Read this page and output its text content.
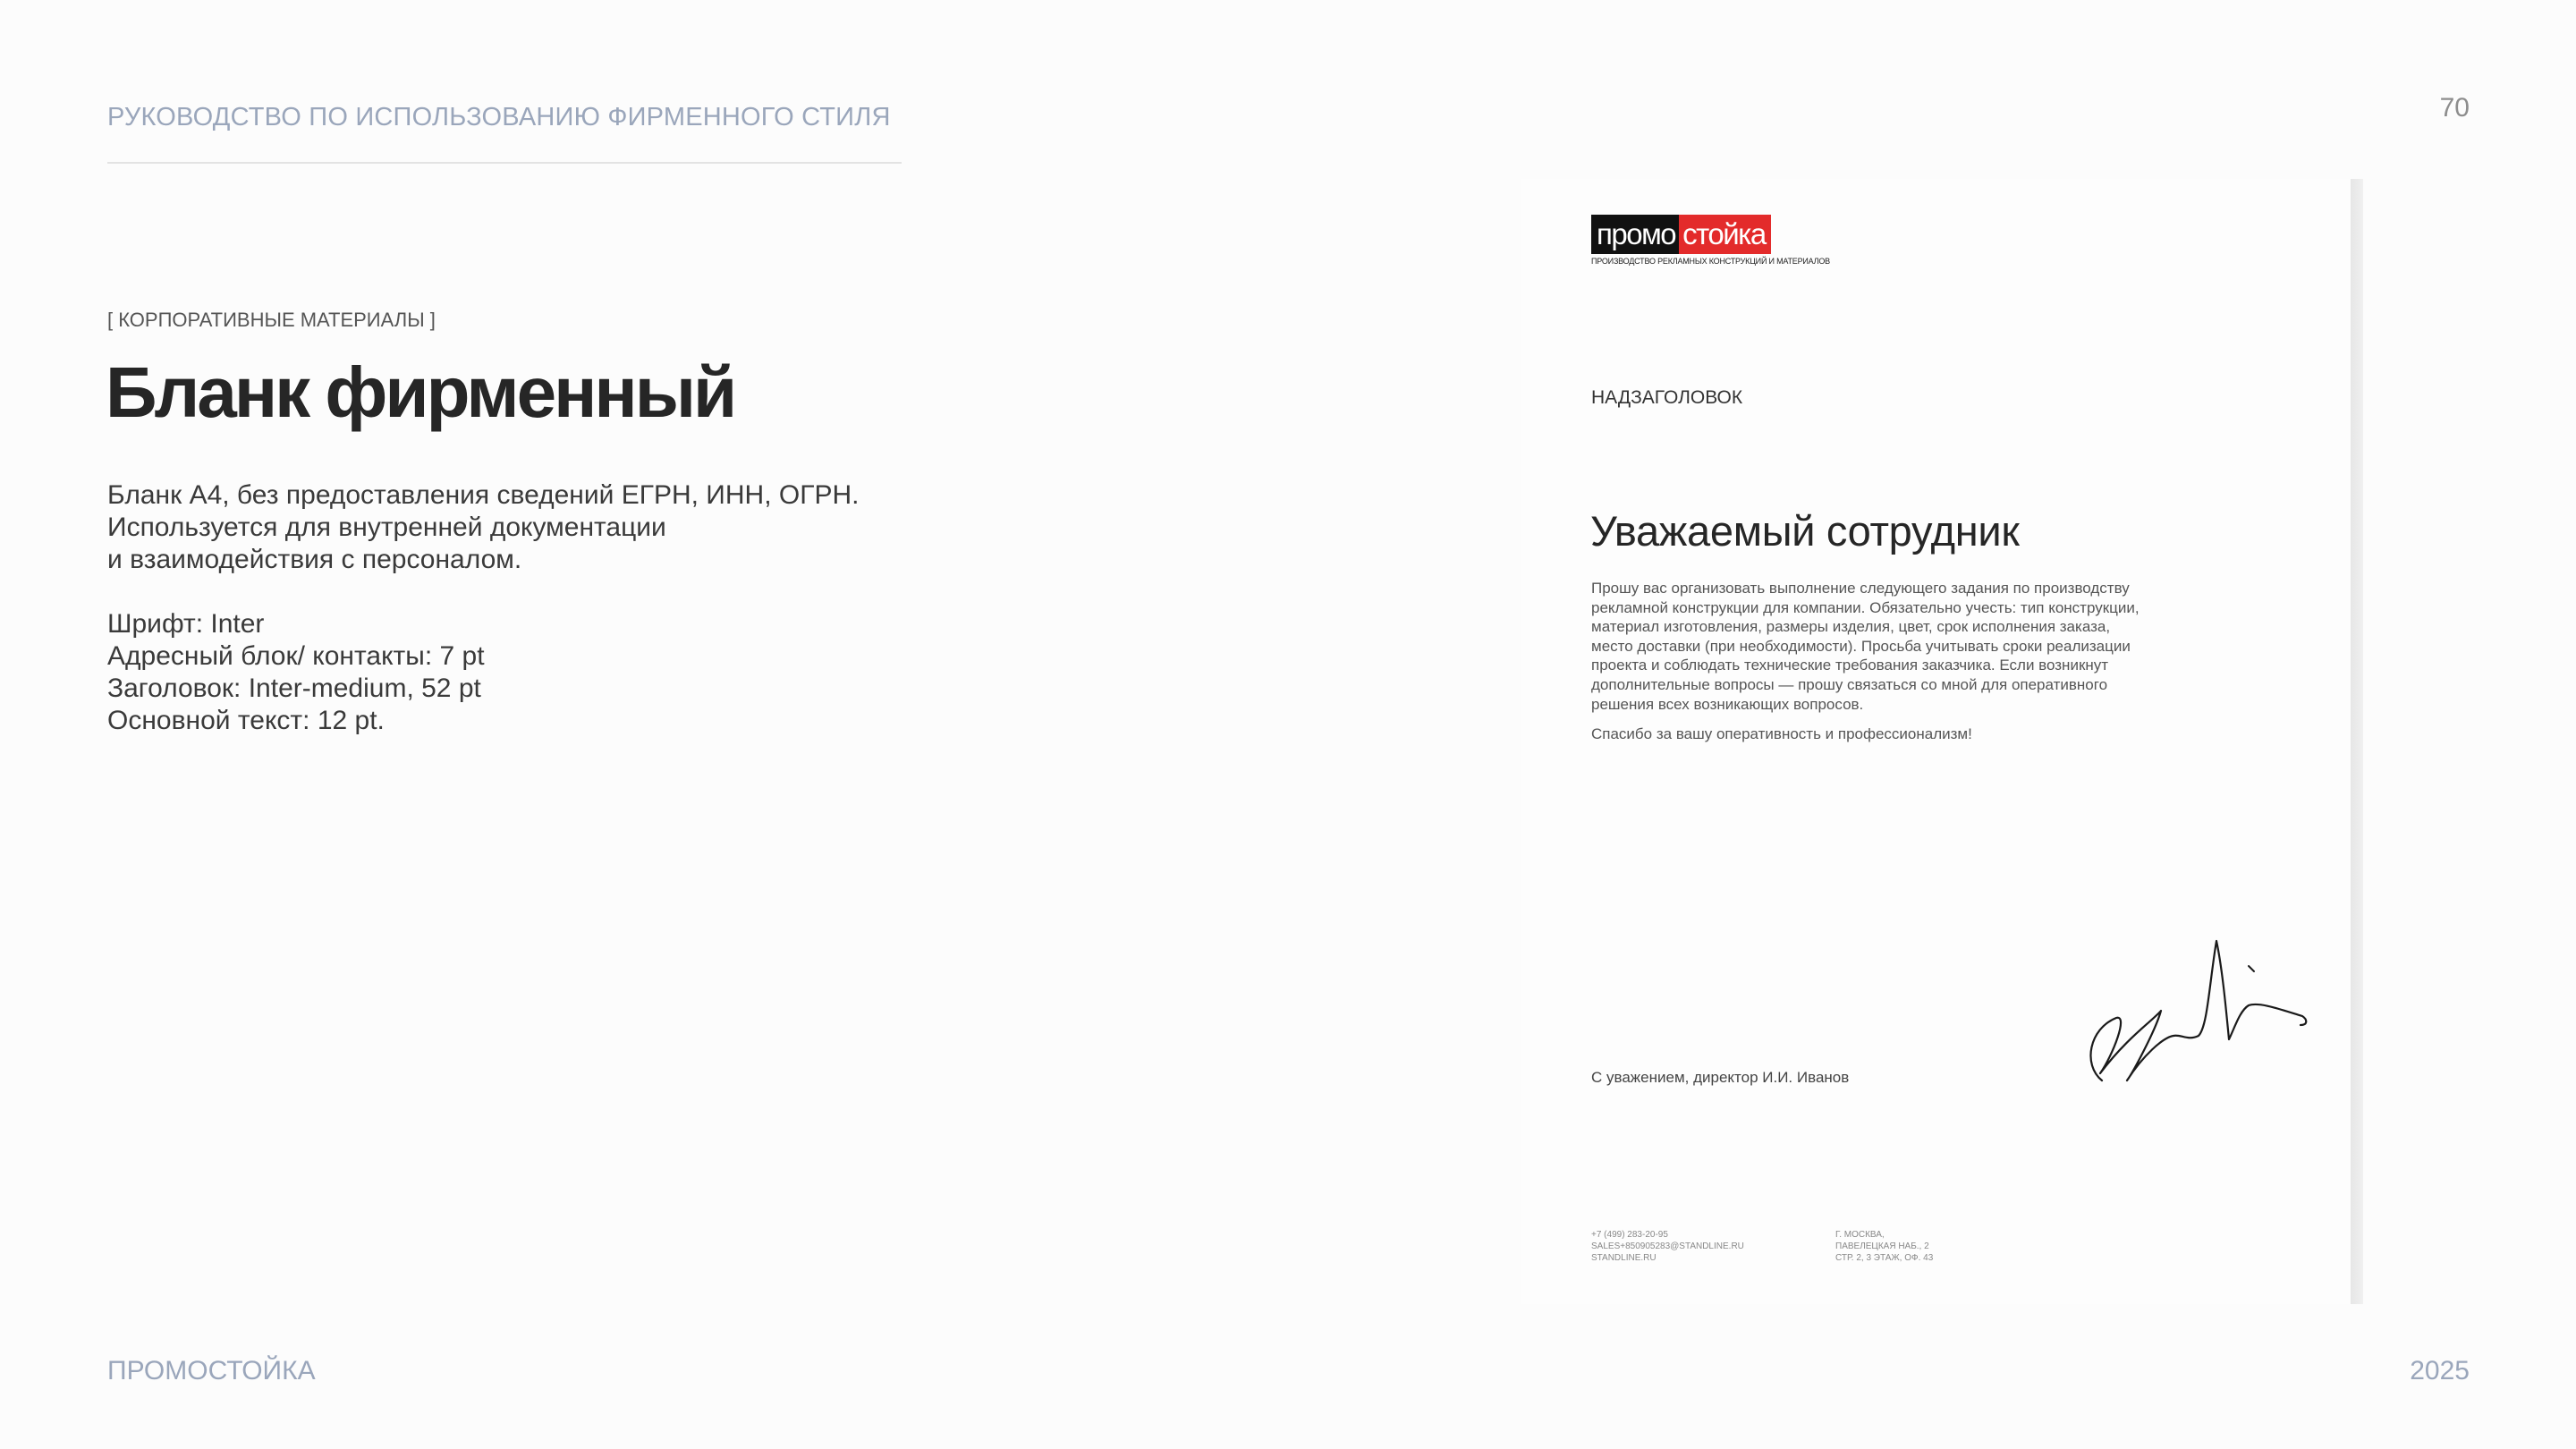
РУКОВОДСТВО ПО ИСПОЛЬЗОВАНИЮ ФИРМЕННОГО СТИЛЯ	70
[ КОРПОРАТИВНЫЕ МАТЕРИАЛЫ ]
Бланк фирменный
Бланк А4, без предоставления сведений ЕГРН, ИНН, ОГРН.
Используется для внутренней документации
и взаимодействия с персоналом.
Шрифт: Inter
Адресный блок/ контакты: 7 pt
Заголовок: Inter-medium, 52 pt
Основной текст: 12 pt.
промо стойка
ПРОИЗВОДСТВО РЕКЛАМНЫХ КОНСТРУКЦИЙ И МАТЕРИАЛОВ
НАДЗАГОЛОВОК
Уважаемый сотрудник
Прошу вас организовать выполнение следующего задания по производству
рекламной конструкции для компании. Обязательно учесть: тип конструкции,
материал изготовления, размеры изделия, цвет, срок исполнения заказа,
место доставки (при необходимости). Просьба учитывать сроки реализации
проекта и соблюдать технические требования заказчика. Если возникнут
дополнительные вопросы — прошу связаться со мной для оперативного
решения всех возникающих вопросов.
Спасибо за вашу оперативность и профессионализм!
С уважением, директор И.И. Иванов
+7 (499) 283-20-95
SALES+850905283@STANDLINE.RU
STANDLINE.RU
Г. МОСКВА,
ПАВЕЛЕЦКАЯ НАБ., 2
СТР. 2, 3 ЭТАЖ, ОФ. 43
ПРОМОСТОЙКА	2025
